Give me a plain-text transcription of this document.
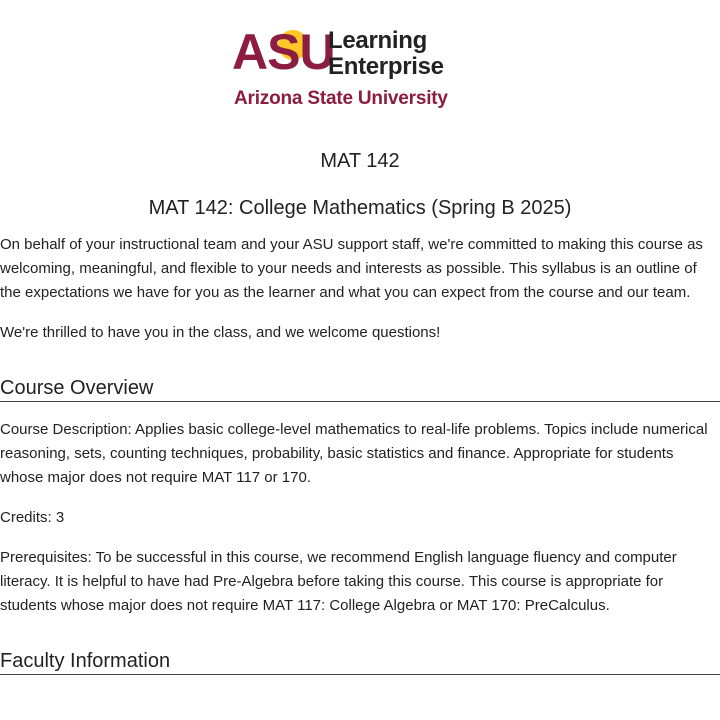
ASU
Learning
Enterprise
Arizona State University
MAT 142
MAT 142: College Mathematics (Spring B 2025)

On behalf of your instructional team and your ASU support staff, we're committed to making this course as welcoming, meaningful, and flexible to your needs and interests as possible. This syllabus is an outline of the expectations we have for you as the learner and what you can expect from the course and our team.

We're thrilled to have you in the class, and we welcome questions!

Course Overview

Course Description: Applies basic college-level mathematics to real-life problems. Topics include numerical reasoning, sets, counting techniques, probability, basic statistics and finance. Appropriate for students whose major does not require MAT 117 or 170.

Credits: 3

Prerequisites: To be successful in this course, we recommend English language fluency and computer literacy. It is helpful to have had Pre-Algebra before taking this course. This course is appropriate for students whose major does not require MAT 117: College Algebra or MAT 170: PreCalculus.

Faculty Information
